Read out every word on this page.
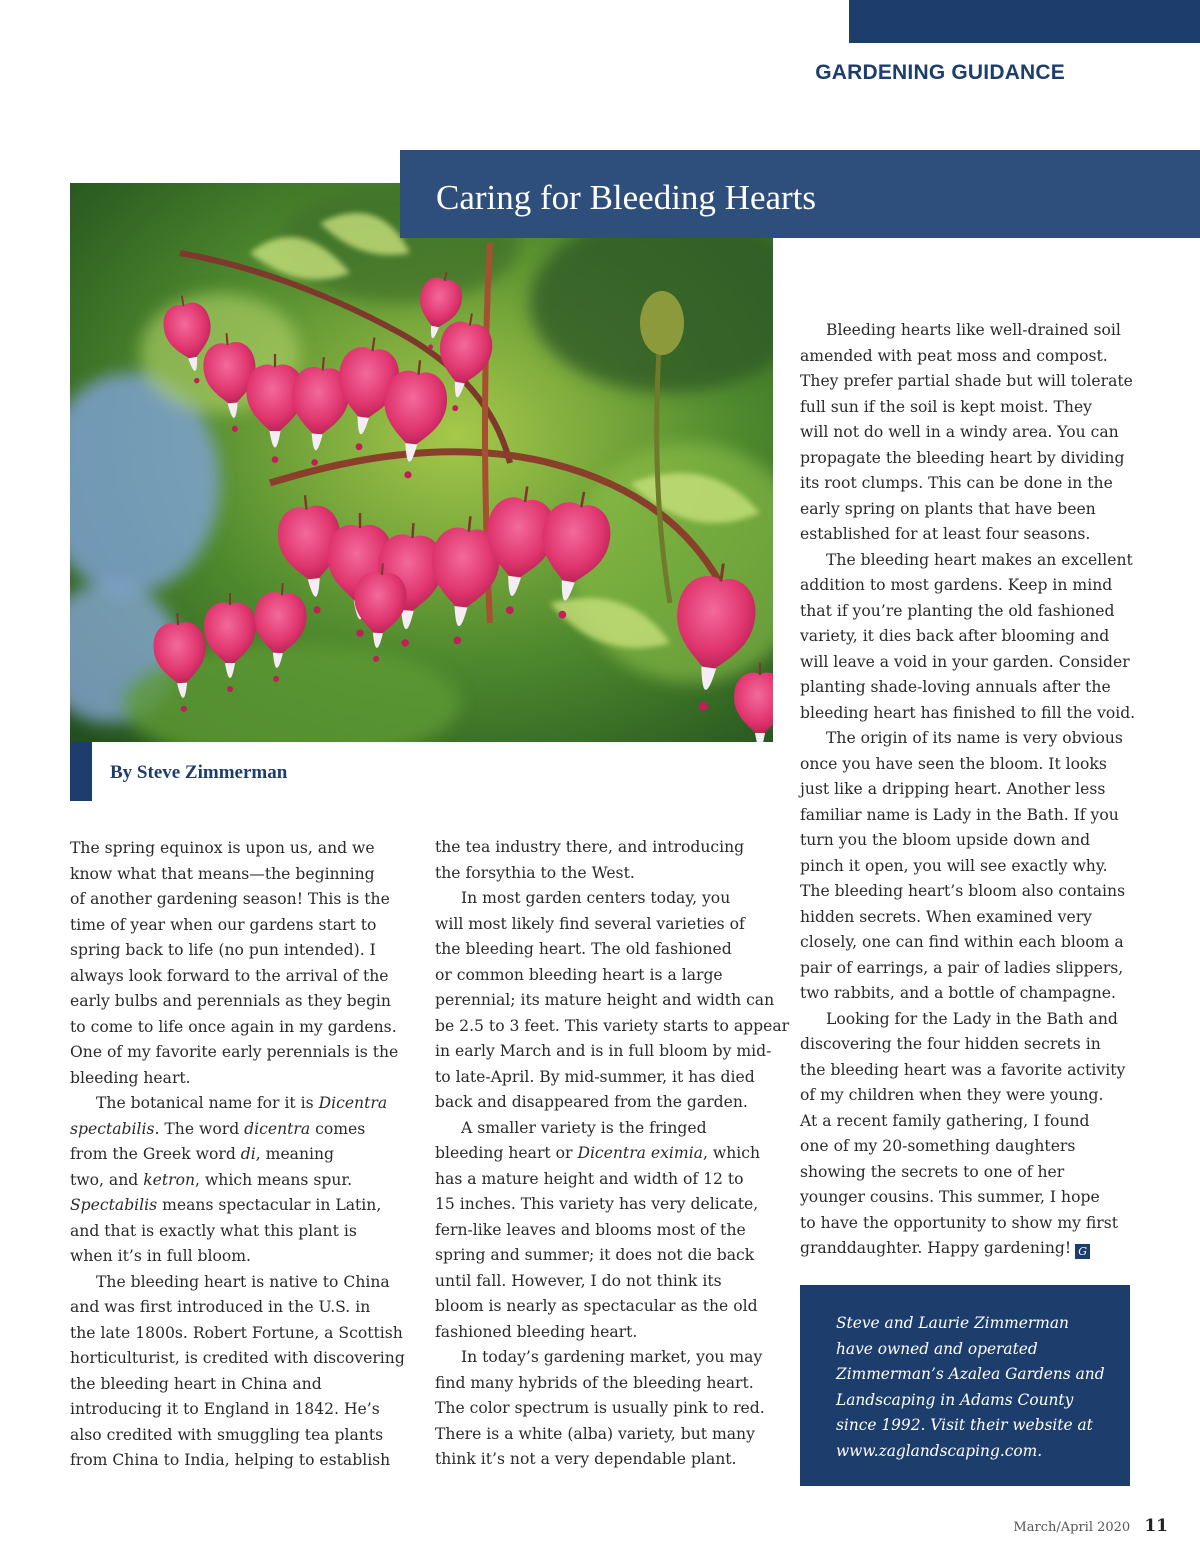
GARDENING GUIDANCE
Caring for Bleeding Hearts
By Steve Zimmerman

The spring equinox is upon us, and we
know what that means—the beginning
of another gardening season! This is the
time of year when our gardens start to
spring back to life (no pun intended). I
always look forward to the arrival of the
early bulbs and perennials as they begin
to come to life once again in my gardens.
One of my favorite early perennials is the
bleeding heart.

The botanical name for it is Dicentra
spectabilis. The word dicentra comes
from the Greek word di, meaning
two, and ketron, which means spur.
Spectabilis means spectacular in Latin,
and that is exactly what this plant is
when it’s in full bloom.

The bleeding heart is native to China
and was first introduced in the U.S. in
the late 1800s. Robert Fortune, a Scottish
horticulturist, is credited with discovering
the bleeding heart in China and
introducing it to England in 1842. He’s
also credited with smuggling tea plants
from China to India, helping to establish

the tea industry there, and introducing
the forsythia to the West.

In most garden centers today, you
will most likely find several varieties of
the bleeding heart. The old fashioned
or common bleeding heart is a large
perennial; its mature height and width can
be 2.5 to 3 feet. This variety starts to appear
in early March and is in full bloom by mid-
to late-April. By mid-summer, it has died
back and disappeared from the garden.

A smaller variety is the fringed
bleeding heart or Dicentra eximia, which
has a mature height and width of 12 to
15 inches. This variety has very delicate,
fern-like leaves and blooms most of the
spring and summer; it does not die back
until fall. However, I do not think its
bloom is nearly as spectacular as the old
fashioned bleeding heart.

In today’s gardening market, you may
find many hybrids of the bleeding heart.
The color spectrum is usually pink to red.
There is a white (alba) variety, but many
think it’s not a very dependable plant.

Bleeding hearts like well-drained soil
amended with peat moss and compost.
They prefer partial shade but will tolerate
full sun if the soil is kept moist. They
will not do well in a windy area. You can
propagate the bleeding heart by dividing
its root clumps. This can be done in the
early spring on plants that have been
established for at least four seasons.

The bleeding heart makes an excellent
addition to most gardens. Keep in mind
that if you’re planting the old fashioned
variety, it dies back after blooming and
will leave a void in your garden. Consider
planting shade-loving annuals after the
bleeding heart has finished to fill the void.

The origin of its name is very obvious
once you have seen the bloom. It looks
just like a dripping heart. Another less
familiar name is Lady in the Bath. If you
turn you the bloom upside down and
pinch it open, you will see exactly why.
The bleeding heart’s bloom also contains
hidden secrets. When examined very
closely, one can find within each bloom a
pair of earrings, a pair of ladies slippers,
two rabbits, and a bottle of champagne.

Looking for the Lady in the Bath and
discovering the four hidden secrets in
the bleeding heart was a favorite activity
of my children when they were young.
At a recent family gathering, I found
one of my 20-something daughters
showing the secrets to one of her
younger cousins. This summer, I hope
to have the opportunity to show my first
granddaughter. Happy gardening! G

Steve and Laurie Zimmerman
have owned and operated
Zimmerman’s Azalea Gardens and
Landscaping in Adams County
since 1992. Visit their website at
www.zaglandscaping.com.
March/April 2020 11
